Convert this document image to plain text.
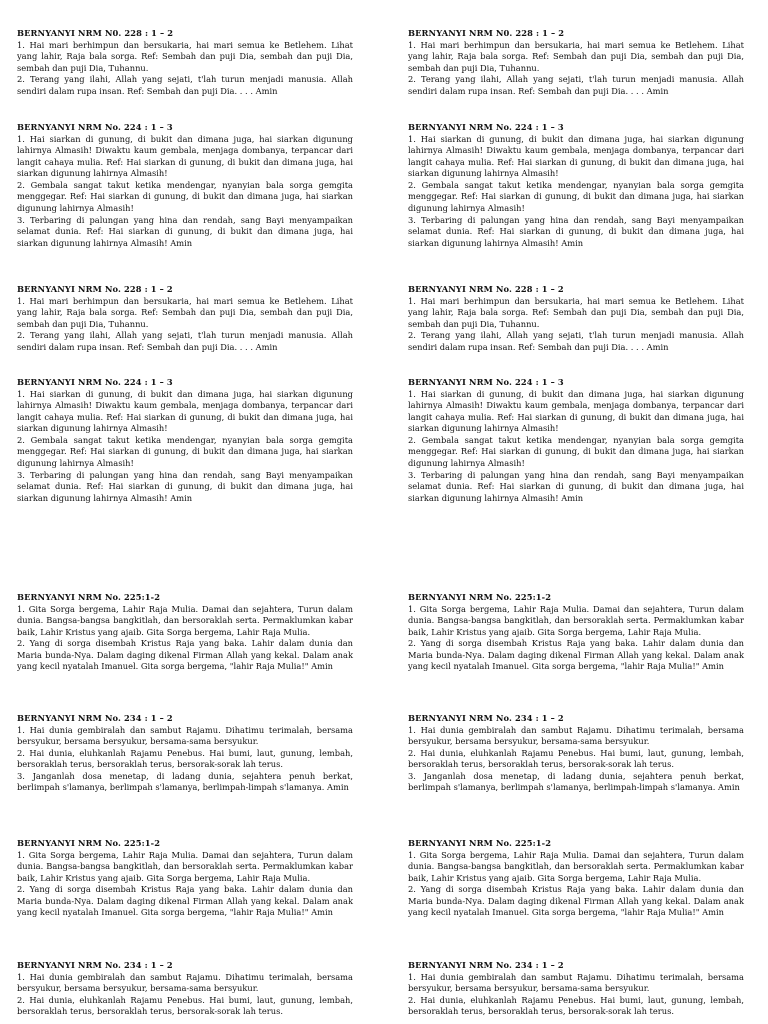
BERNYANYI NRM N0. 228 : 1 – 2

1. Hai mari berhimpun dan bersukaria, hai mari semua ke Betlehem. Lihat yang lahir, Raja bala sorga. Ref: Sembah dan puji Dia, sembah dan puji Dia, sembah dan puji Dia, Tuhannu.

2. Terang yang ilahi, Allah yang sejati, t'lah turun menjadi manusia. Allah sendiri dalam rupa insan. Ref: Sembah dan puji Dia. . . . Amin

BERNYANYI NRM No. 224 : 1 – 3

1. Hai siarkan di gunung, di bukit dan dimana juga, hai siarkan digunung lahirnya Almasih! Diwaktu kaum gembala, menjaga dombanya, terpancar dari langit cahaya mulia. Ref: Hai siarkan di gunung, di bukit dan dimana juga, hai siarkan digunung lahirnya Almasih!

2. Gembala sangat takut ketika mendengar, nyanyian bala sorga gemgita menggegar. Ref: Hai siarkan di gunung, di bukit dan dimana juga, hai siarkan digunung lahirnya Almasih!

3. Terbaring di palungan yang hina dan rendah, sang Bayi menyampaikan selamat dunia. Ref: Hai siarkan di gunung, di bukit dan dimana juga, hai siarkan digunung lahirnya Almasih! Amin

BERNYANYI NRM No. 228 : 1 – 2

1. Hai mari berhimpun dan bersukaria, hai mari semua ke Betlehem. Lihat yang lahir, Raja bala sorga. Ref: Sembah dan puji Dia, sembah dan puji Dia, sembah dan puji Dia, Tuhannu.

2. Terang yang ilahi, Allah yang sejati, t'lah turun menjadi manusia. Allah sendiri dalam rupa insan. Ref: Sembah dan puji Dia. . . . Amin

BERNYANYI NRM No. 224 : 1 – 3

1. Hai siarkan di gunung, di bukit dan dimana juga, hai siarkan digunung lahirnya Almasih! Diwaktu kaum gembala, menjaga dombanya, terpancar dari langit cahaya mulia. Ref: Hai siarkan di gunung, di bukit dan dimana juga, hai siarkan digunung lahirnya Almasih!

2. Gembala sangat takut ketika mendengar, nyanyian bala sorga gemgita menggegar. Ref: Hai siarkan di gunung, di bukit dan dimana juga, hai siarkan digunung lahirnya Almasih!

3. Terbaring di palungan yang hina dan rendah, sang Bayi menyampaikan selamat dunia. Ref: Hai siarkan di gunung, di bukit dan dimana juga, hai siarkan digunung lahirnya Almasih! Amin

BERNYANYI NRM No. 225:1-2

1. Gita Sorga bergema, Lahir Raja Mulia. Damai dan sejahtera, Turun dalam dunia. Bangsa-bangsa bangkitlah, dan bersoraklah serta. Permaklumkan kabar baik, Lahir Kristus yang ajaib. Gita Sorga bergema, Lahir Raja Mulia.

2. Yang di sorga disembah Kristus Raja yang baka. Lahir dalam dunia dan Maria bunda-Nya. Dalam daging dikenal Firman Allah yang kekal. Dalam anak yang kecil nyatalah Imanuel. Gita sorga bergema, "lahir Raja Mulia!" Amin

BERNYANYI NRM No. 234 : 1 – 2

1. Hai dunia gembiralah dan sambut Rajamu. Dihatimu terimalah, bersama bersyukur, bersama bersyukur, bersama-sama bersyukur.

2. Hai dunia, eluhkanlah Rajamu Penebus. Hai bumi, laut, gunung, lembah, bersoraklah terus, bersoraklah terus, bersorak-sorak lah terus.

3. Janganlah dosa menetap, di ladang dunia, sejahtera penuh berkat, berlimpah s'lamanya, berlimpah s'lamanya, berlimpah-limpah s'lamanya. Amin

BERNYANYI NRM No. 225:1-2

1. Gita Sorga bergema, Lahir Raja Mulia. Damai dan sejahtera, Turun dalam dunia. Bangsa-bangsa bangkitlah, dan bersoraklah serta. Permaklumkan kabar baik, Lahir Kristus yang ajaib. Gita Sorga bergema, Lahir Raja Mulia.

2. Yang di sorga disembah Kristus Raja yang baka. Lahir dalam dunia dan Maria bunda-Nya. Dalam daging dikenal Firman Allah yang kekal. Dalam anak yang kecil nyatalah Imanuel. Gita sorga bergema, "lahir Raja Mulia!" Amin

BERNYANYI NRM No. 234 : 1 – 2

1. Hai dunia gembiralah dan sambut Rajamu. Dihatimu terimalah, bersama bersyukur, bersama bersyukur, bersama-sama bersyukur.

2. Hai dunia, eluhkanlah Rajamu Penebus. Hai bumi, laut, gunung, lembah, bersoraklah terus, bersoraklah terus, bersorak-sorak lah terus.

BERNYANYI NRM N0. 228 : 1 – 2

1. Hai mari berhimpun dan bersukaria, hai mari semua ke Betlehem. Lihat yang lahir, Raja bala sorga. Ref: Sembah dan puji Dia, sembah dan puji Dia, sembah dan puji Dia, Tuhannu.

2. Terang yang ilahi, Allah yang sejati, t'lah turun menjadi manusia. Allah sendiri dalam rupa insan. Ref: Sembah dan puji Dia. . . . Amin

BERNYANYI NRM No. 224 : 1 – 3

1. Hai siarkan di gunung, di bukit dan dimana juga, hai siarkan digunung lahirnya Almasih! Diwaktu kaum gembala, menjaga dombanya, terpancar dari langit cahaya mulia. Ref: Hai siarkan di gunung, di bukit dan dimana juga, hai siarkan digunung lahirnya Almasih!

2. Gembala sangat takut ketika mendengar, nyanyian bala sorga gemgita menggegar. Ref: Hai siarkan di gunung, di bukit dan dimana juga, hai siarkan digunung lahirnya Almasih!

3. Terbaring di palungan yang hina dan rendah, sang Bayi menyampaikan selamat dunia. Ref: Hai siarkan di gunung, di bukit dan dimana juga, hai siarkan digunung lahirnya Almasih! Amin

BERNYANYI NRM No. 228 : 1 – 2

1. Hai mari berhimpun dan bersukaria, hai mari semua ke Betlehem. Lihat yang lahir, Raja bala sorga. Ref: Sembah dan puji Dia, sembah dan puji Dia, sembah dan puji Dia, Tuhannu.

2. Terang yang ilahi, Allah yang sejati, t'lah turun menjadi manusia. Allah sendiri dalam rupa insan. Ref: Sembah dan puji Dia. . . . Amin

BERNYANYI NRM No. 224 : 1 – 3

1. Hai siarkan di gunung, di bukit dan dimana juga, hai siarkan digunung lahirnya Almasih! Diwaktu kaum gembala, menjaga dombanya, terpancar dari langit cahaya mulia. Ref: Hai siarkan di gunung, di bukit dan dimana juga, hai siarkan digunung lahirnya Almasih!

2. Gembala sangat takut ketika mendengar, nyanyian bala sorga gemgita menggegar. Ref: Hai siarkan di gunung, di bukit dan dimana juga, hai siarkan digunung lahirnya Almasih!

3. Terbaring di palungan yang hina dan rendah, sang Bayi menyampaikan selamat dunia. Ref: Hai siarkan di gunung, di bukit dan dimana juga, hai siarkan digunung lahirnya Almasih! Amin

BERNYANYI NRM No. 225:1-2

1. Gita Sorga bergema, Lahir Raja Mulia. Damai dan sejahtera, Turun dalam dunia. Bangsa-bangsa bangkitlah, dan bersoraklah serta. Permaklumkan kabar baik, Lahir Kristus yang ajaib. Gita Sorga bergema, Lahir Raja Mulia.

2. Yang di sorga disembah Kristus Raja yang baka. Lahir dalam dunia dan Maria bunda-Nya. Dalam daging dikenal Firman Allah yang kekal. Dalam anak yang kecil nyatalah Imanuel. Gita sorga bergema, "lahir Raja Mulia!" Amin

BERNYANYI NRM No. 234 : 1 – 2

1. Hai dunia gembiralah dan sambut Rajamu. Dihatimu terimalah, bersama bersyukur, bersama bersyukur, bersama-sama bersyukur.

2. Hai dunia, eluhkanlah Rajamu Penebus. Hai bumi, laut, gunung, lembah, bersoraklah terus, bersoraklah terus, bersorak-sorak lah terus.

3. Janganlah dosa menetap, di ladang dunia, sejahtera penuh berkat, berlimpah s'lamanya, berlimpah s'lamanya, berlimpah-limpah s'lamanya. Amin

BERNYANYI NRM No. 225:1-2

1. Gita Sorga bergema, Lahir Raja Mulia. Damai dan sejahtera, Turun dalam dunia. Bangsa-bangsa bangkitlah, dan bersoraklah serta. Permaklumkan kabar baik, Lahir Kristus yang ajaib. Gita Sorga bergema, Lahir Raja Mulia.

2. Yang di sorga disembah Kristus Raja yang baka. Lahir dalam dunia dan Maria bunda-Nya. Dalam daging dikenal Firman Allah yang kekal. Dalam anak yang kecil nyatalah Imanuel. Gita sorga bergema, "lahir Raja Mulia!" Amin

BERNYANYI NRM No. 234 : 1 – 2

1. Hai dunia gembiralah dan sambut Rajamu. Dihatimu terimalah, bersama bersyukur, bersama bersyukur, bersama-sama bersyukur.

2. Hai dunia, eluhkanlah Rajamu Penebus. Hai bumi, laut, gunung, lembah, bersoraklah terus, bersoraklah terus, bersorak-sorak lah terus.
